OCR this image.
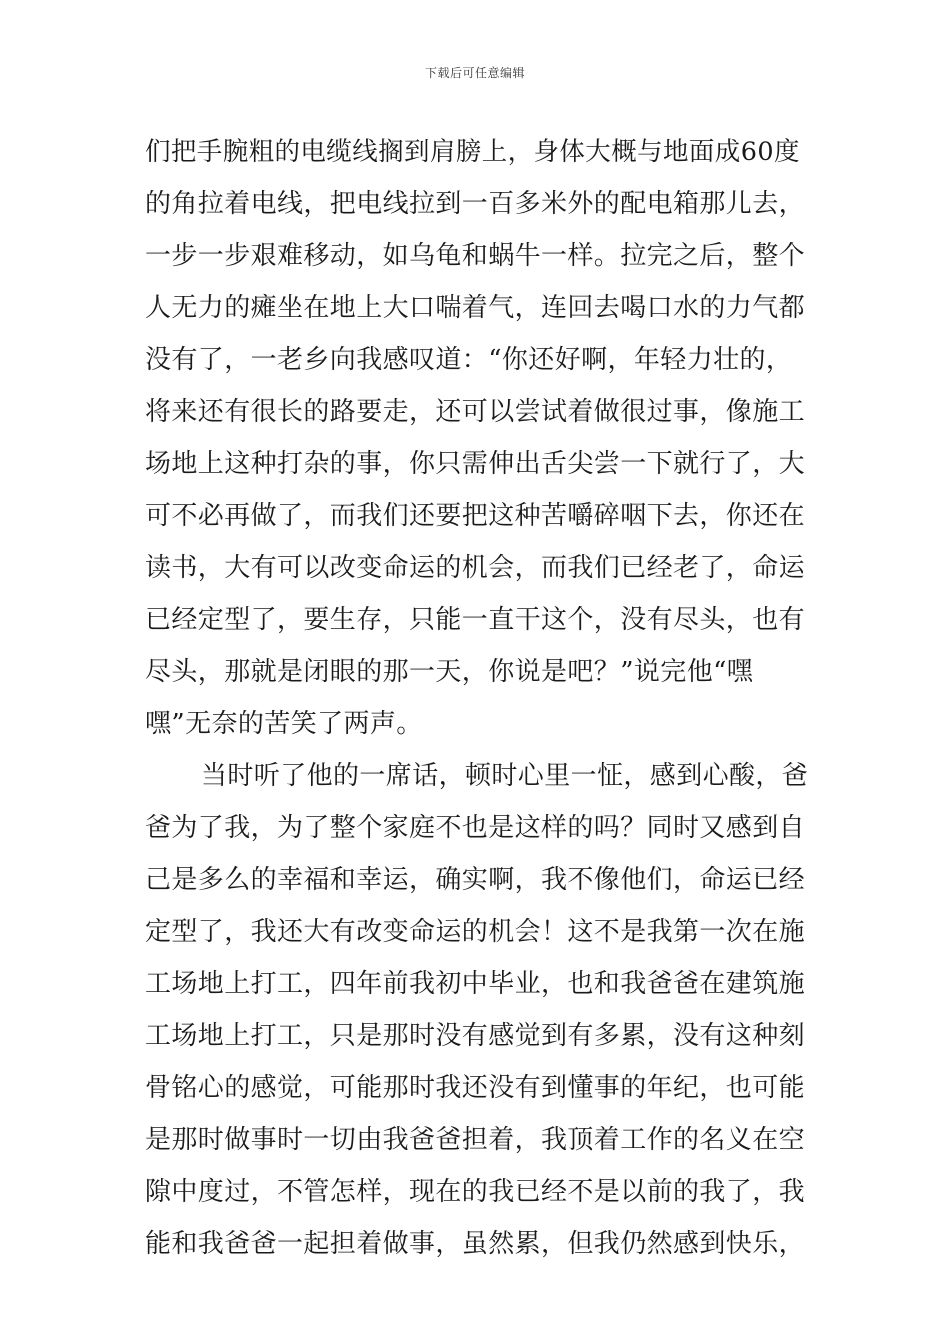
下载后可任意编辑
们把手腕粗的电缆线搁到肩膀上，身体大概与地面成60度
的角拉着电线，把电线拉到一百多米外的配电箱那儿去，
一步一步艰难移动，如乌龟和蜗牛一样。拉完之后，整个
人无力的瘫坐在地上大口喘着气，连回去喝口水的力气都
没有了，一老乡向我感叹道：“你还好啊，年轻力壮的，
将来还有很长的路要走，还可以尝试着做很过事，像施工
场地上这种打杂的事，你只需伸出舌尖尝一下就行了，大
可不必再做了，而我们还要把这种苦嚼碎咽下去，你还在
读书，大有可以改变命运的机会，而我们已经老了，命运
已经定型了，要生存，只能一直干这个，没有尽头，也有
尽头，那就是闭眼的那一天，你说是吧？”说完他“嘿
嘿”无奈的苦笑了两声。
当时听了他的一席话，顿时心里一怔，感到心酸，爸
爸为了我，为了整个家庭不也是这样的吗？同时又感到自
己是多么的幸福和幸运，确实啊，我不像他们，命运已经
定型了，我还大有改变命运的机会！这不是我第一次在施
工场地上打工，四年前我初中毕业，也和我爸爸在建筑施
工场地上打工，只是那时没有感觉到有多累，没有这种刻
骨铭心的感觉，可能那时我还没有到懂事的年纪，也可能
是那时做事时一切由我爸爸担着，我顶着工作的名义在空
隙中度过，不管怎样，现在的我已经不是以前的我了，我
能和我爸爸一起担着做事，虽然累，但我仍然感到快乐，
